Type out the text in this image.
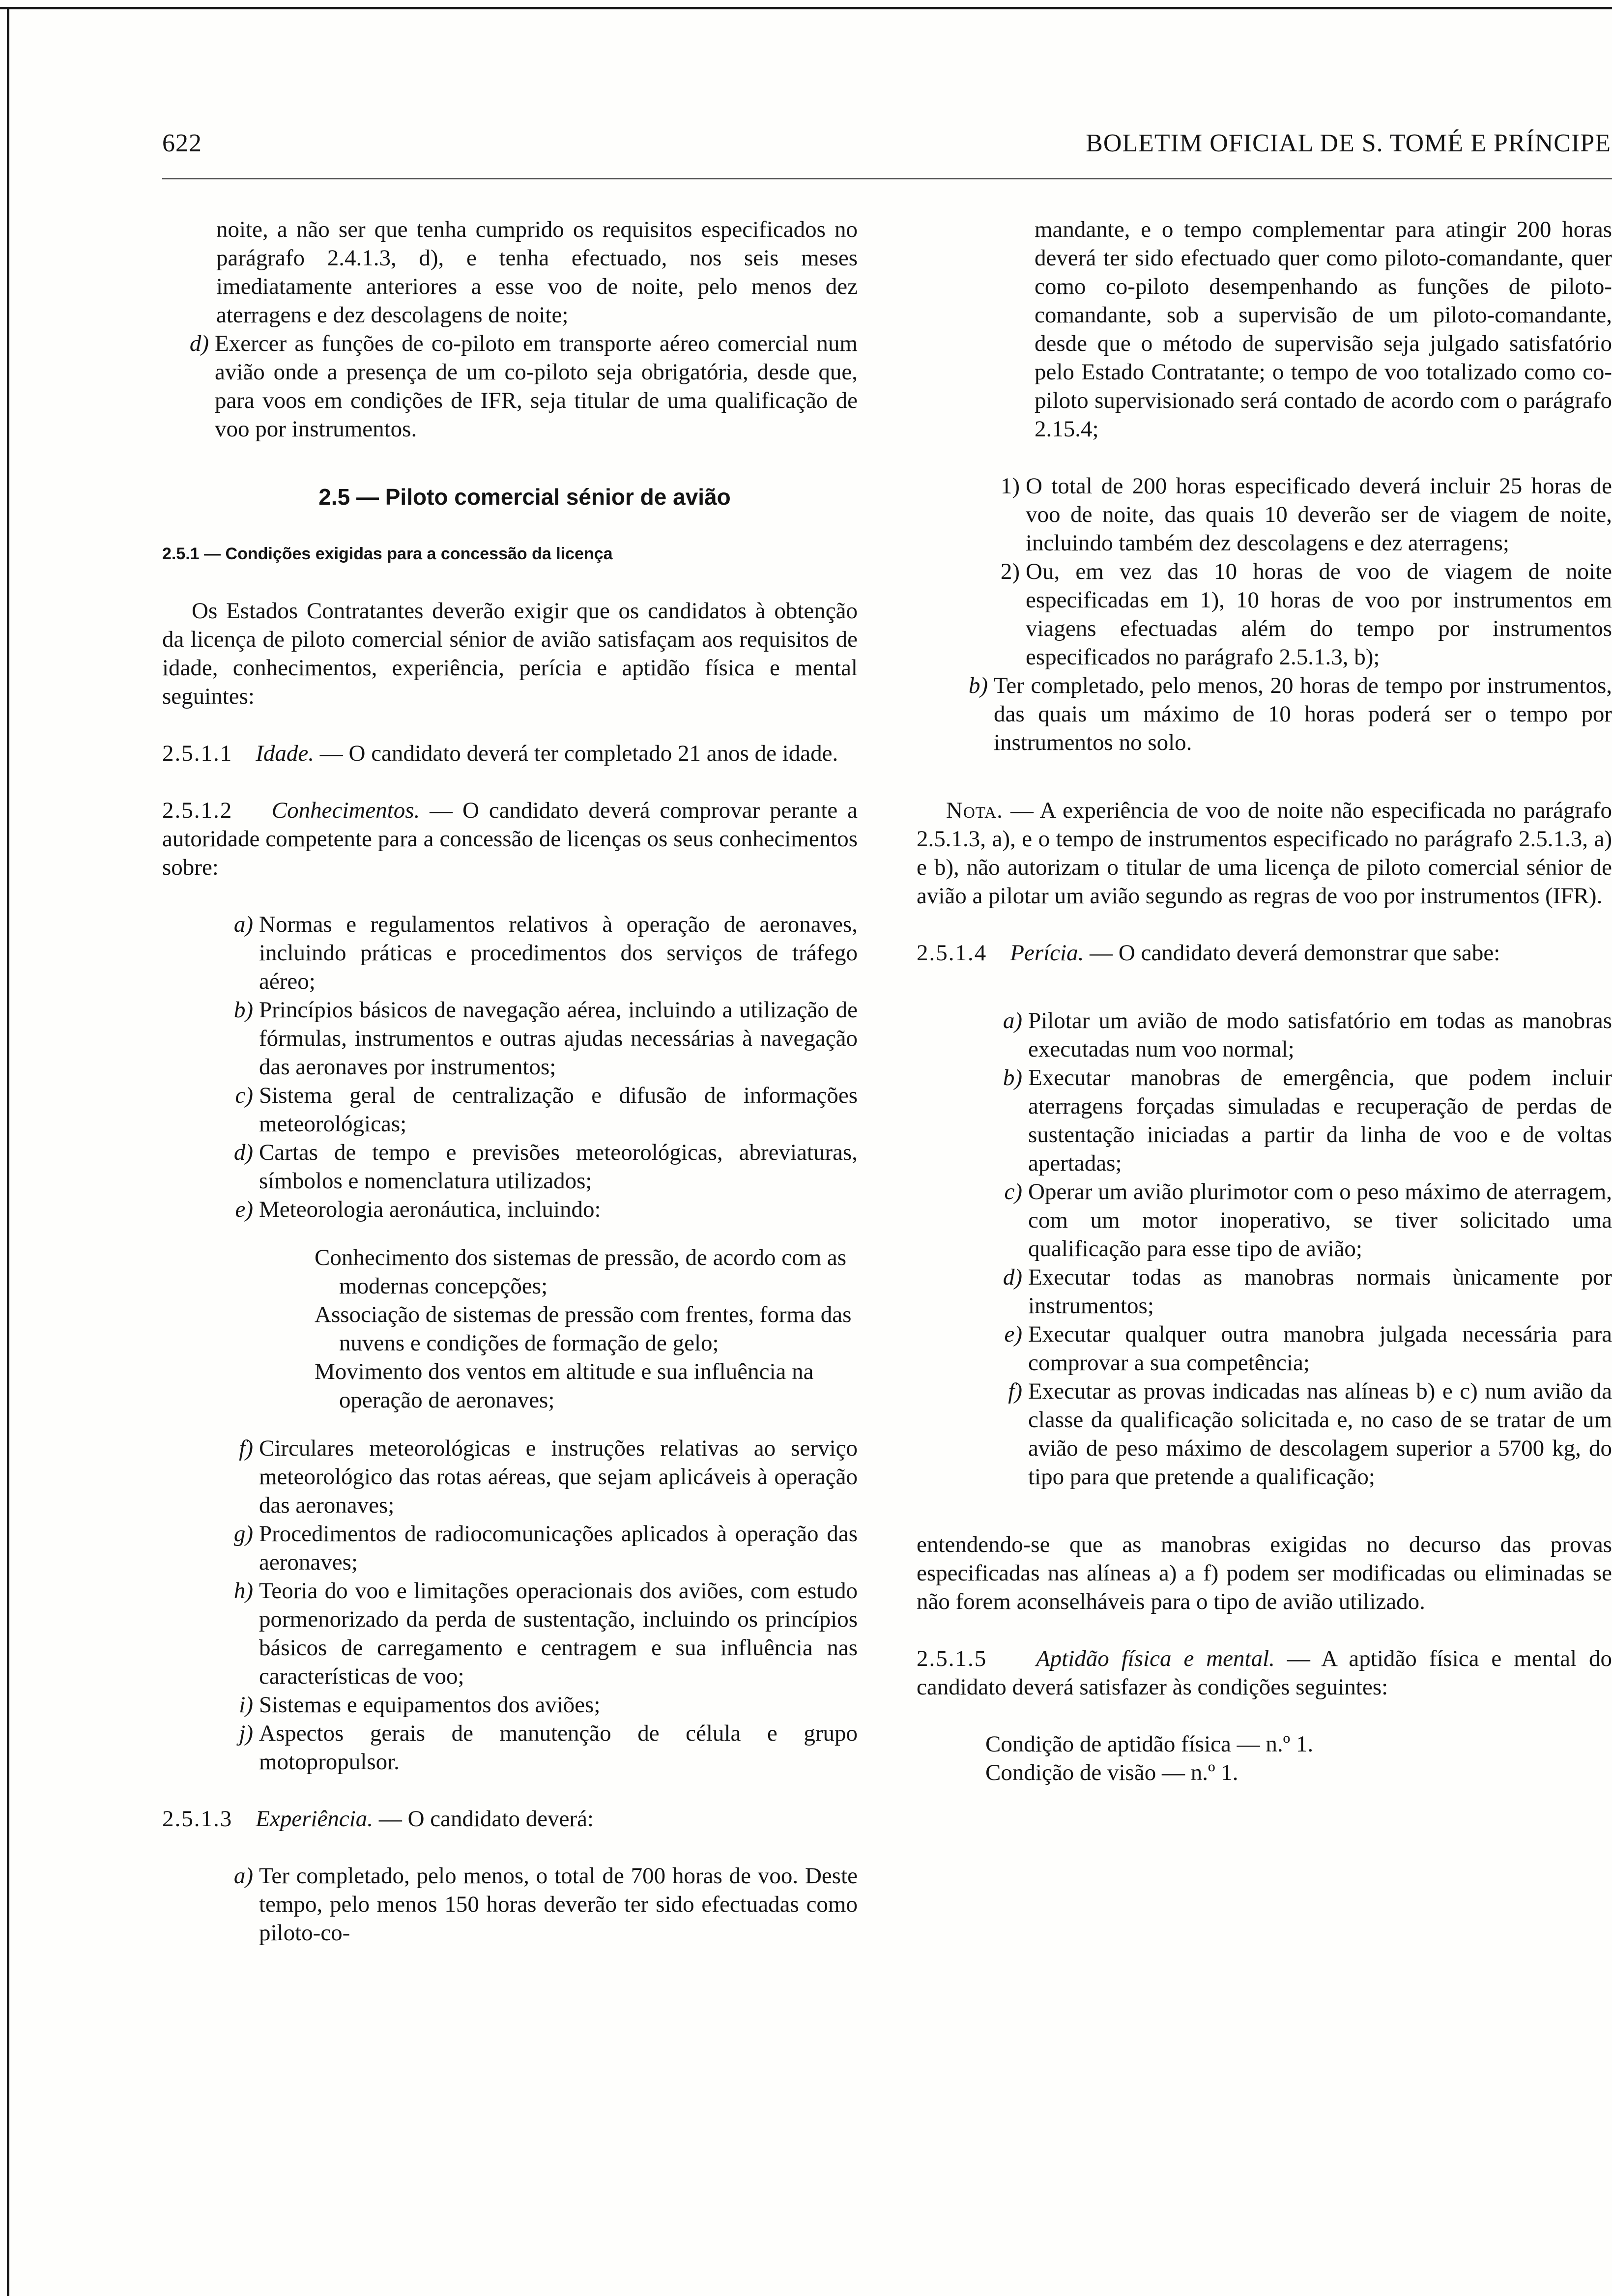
622	BOLETIM OFICIAL DE S. TOMÉ E PRÍNCIPE

noite, a não ser que tenha cumprido os requisitos especificados no parágrafo 2.4.1.3, d), e tenha efectuado, nos seis meses imediatamente anteriores a esse voo de noite, pelo menos dez aterragens e dez descolagens de noite;

d) Exercer as funções de co-piloto em transporte aéreo comercial num avião onde a presença de um co-piloto seja obrigatória, desde que, para voos em condições de IFR, seja titular de uma qualificação de voo por instrumentos.

2.5 — Piloto comercial sénior de avião

2.5.1 — Condições exigidas para a concessão da licença

Os Estados Contratantes deverão exigir que os candidatos à obtenção da licença de piloto comercial sénior de avião satisfaçam aos requisitos de idade, conhecimentos, experiência, perícia e aptidão física e mental seguintes:

2.5.1.1 Idade. — O candidato deverá ter completado 21 anos de idade.

2.5.1.2 Conhecimentos. — O candidato deverá comprovar perante a autoridade competente para a concessão de licenças os seus conhecimentos sobre:

a) Normas e regulamentos relativos à operação de aeronaves, incluindo práticas e procedimentos dos serviços de tráfego aéreo;
b) Princípios básicos de navegação aérea, incluindo a utilização de fórmulas, instrumentos e outras ajudas necessárias à navegação das aeronaves por instrumentos;
c) Sistema geral de centralização e difusão de informações meteorológicas;
d) Cartas de tempo e previsões meteorológicas, abreviaturas, símbolos e nomenclatura utilizados;
e) Meteorologia aeronáutica, incluindo:
Conhecimento dos sistemas de pressão, de acordo com as modernas concepções;
Associação de sistemas de pressão com frentes, forma das nuvens e condições de formação de gelo;
Movimento dos ventos em altitude e sua influência na operação de aeronaves;
f) Circulares meteorológicas e instruções relativas ao serviço meteorológico das rotas aéreas, que sejam aplicáveis à operação das aeronaves;
g) Procedimentos de radiocomunicações aplicados à operação das aeronaves;
h) Teoria do voo e limitações operacionais dos aviões, com estudo pormenorizado da perda de sustentação, incluindo os princípios básicos de carregamento e centragem e sua influência nas características de voo;
i) Sistemas e equipamentos dos aviões;
j) Aspectos gerais de manutenção de célula e grupo motopropulsor.

2.5.1.3 Experiência. — O candidato deverá:

a) Ter completado, pelo menos, o total de 700 horas de voo. Deste tempo, pelo menos 150 horas deverão ter sido efectuadas como piloto-co-

mandante, e o tempo complementar para atingir 200 horas deverá ter sido efectuado quer como piloto-comandante, quer como co-piloto desempenhando as funções de piloto-comandante, sob a supervisão de um piloto-comandante, desde que o método de supervisão seja julgado satisfatório pelo Estado Contratante; o tempo de voo totalizado como co-piloto supervisionado será contado de acordo com o parágrafo 2.15.4;

1) O total de 200 horas especificado deverá incluir 25 horas de voo de noite, das quais 10 deverão ser de viagem de noite, incluindo também dez descolagens e dez aterragens;
2) Ou, em vez das 10 horas de voo de viagem de noite especificadas em 1), 10 horas de voo por instrumentos em viagens efectuadas além do tempo por instrumentos especificados no parágrafo 2.5.1.3, b);
b) Ter completado, pelo menos, 20 horas de tempo por instrumentos, das quais um máximo de 10 horas poderá ser o tempo por instrumentos no solo.

Nota. — A experiência de voo de noite não especificada no parágrafo 2.5.1.3, a), e o tempo de instrumentos especificado no parágrafo 2.5.1.3, a) e b), não autorizam o titular de uma licença de piloto comercial sénior de avião a pilotar um avião segundo as regras de voo por instrumentos (IFR).

2.5.1.4 Perícia. — O candidato deverá demonstrar que sabe:

a) Pilotar um avião de modo satisfatório em todas as manobras executadas num voo normal;
b) Executar manobras de emergência, que podem incluir aterragens forçadas simuladas e recuperação de perdas de sustentação iniciadas a partir da linha de voo e de voltas apertadas;
c) Operar um avião plurimotor com o peso máximo de aterragem, com um motor inoperativo, se tiver solicitado uma qualificação para esse tipo de avião;
d) Executar todas as manobras normais ùnicamente por instrumentos;
e) Executar qualquer outra manobra julgada necessária para comprovar a sua competência;
f) Executar as provas indicadas nas alíneas b) e c) num avião da classe da qualificação solicitada e, no caso de se tratar de um avião de peso máximo de descolagem superior a 5700 kg, do tipo para que pretende a qualificação;

entendendo-se que as manobras exigidas no decurso das provas especificadas nas alíneas a) a f) podem ser modificadas ou eliminadas se não forem aconselháveis para o tipo de avião utilizado.

2.5.1.5 Aptidão física e mental. — A aptidão física e mental do candidato deverá satisfazer às condições seguintes:

Condição de aptidão física — n.º 1.
Condição de visão — n.º 1.
